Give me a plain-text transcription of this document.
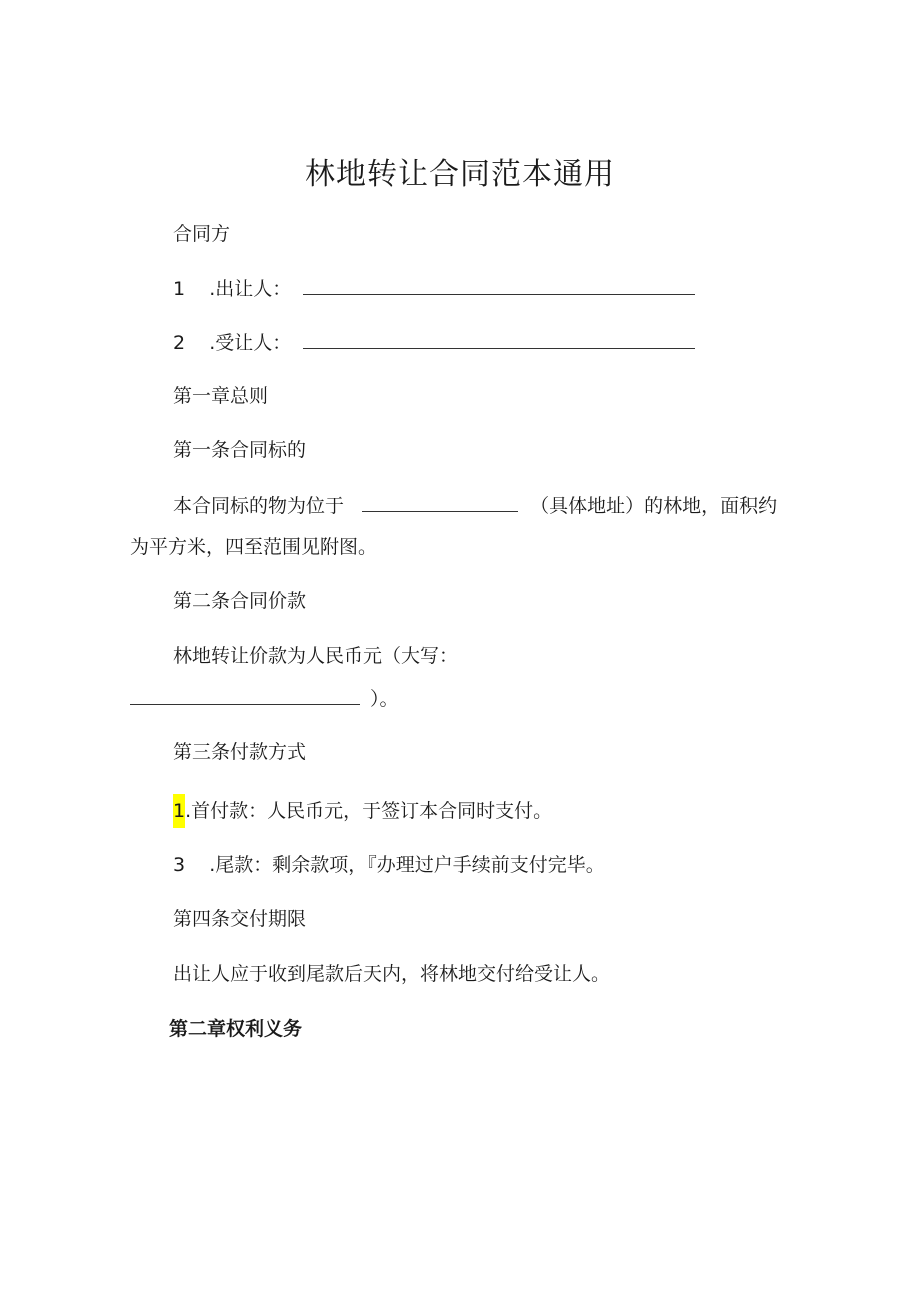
林地转让合同范本通用
合同方
1 .出让人：
2 .受让人：
第一章总则
第一条合同标的
本合同标的物为位于	（具体地址）的林地，面积约
为平方米，四至范围见附图。
第二条合同价款
林地转让价款为人民币元（大写：
）。
第三条付款方式
1.首付款：人民币元，于签订本合同时支付。
3 .尾款：剩余款项，『办理过户手续前支付完毕。
第四条交付期限
出让人应于收到尾款后天内，将林地交付给受让人。
第二章权利义务
